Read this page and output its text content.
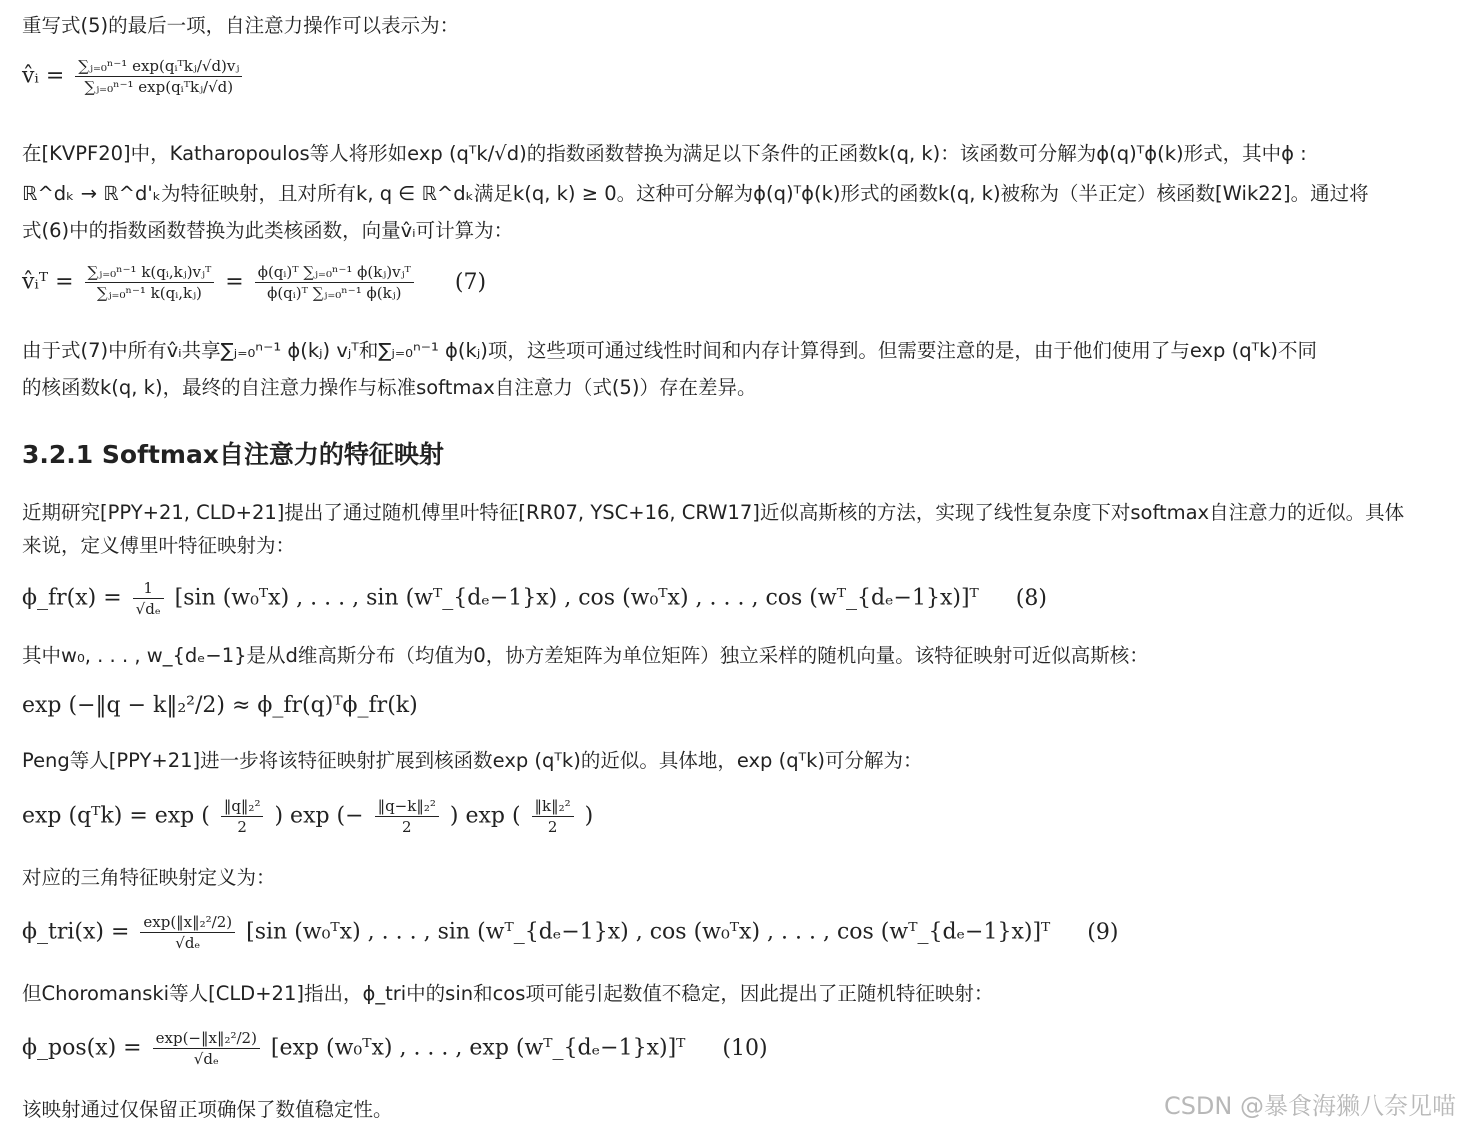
重写式(5)的最后一项，自注意力操作可以表示为：
v̂ᵢ = $\frac{\text{∑ⱼ₌₀ⁿ⁻¹ exp(qᵢᵀkⱼ/√d)vⱼ}}{\text{∑ⱼ₌₀ⁿ⁻¹ exp(qᵢᵀkⱼ/√d)}}$
在[KVPF20]中，Katharopoulos等人将形如exp (qᵀk/√d)的指数函数替换为满足以下条件的正函数k(q, k)：该函数可分解为ϕ(q)ᵀϕ(k)形式，其中ϕ :
ℝ^dₖ → ℝ^d'ₖ为特征映射，且对所有k, q ∈ ℝ^dₖ满足k(q, k) ≥ 0。这种可分解为ϕ(q)ᵀϕ(k)形式的函数k(q, k)被称为（半正定）核函数[Wik22]。通过将
式(6)中的指数函数替换为此类核函数，向量v̂ᵢ可计算为：
v̂ᵢᵀ = $\frac{\text{∑ⱼ₌₀ⁿ⁻¹ k(qᵢ,kⱼ)vⱼᵀ}}{\text{∑ⱼ₌₀ⁿ⁻¹ k(qᵢ,kⱼ)}} = \frac{\text{ϕ(qᵢ)ᵀ ∑ⱼ₌₀ⁿ⁻¹ ϕ(kⱼ)vⱼᵀ}}{\text{ϕ(qᵢ)ᵀ ∑ⱼ₌₀ⁿ⁻¹ ϕ(kⱼ)}} (7)$
由于式(7)中所有v̂ᵢ共享∑ⱼ₌₀ⁿ⁻¹ ϕ(kⱼ) vⱼᵀ和∑ⱼ₌₀ⁿ⁻¹ ϕ(kⱼ)项，这些项可通过线性时间和内存计算得到。但需要注意的是，由于他们使用了与exp (qᵀk)不同
的核函数k(q, k)，最终的自注意力操作与标准softmax自注意力（式(5)）存在差异。
3.2.1 Softmax自注意力的特征映射
近期研究[PPY+21, CLD+21]提出了通过随机傅里叶特征[RR07, YSC+16, CRW17]近似高斯核的方法，实现了线性复杂度下对softmax自注意力的近似。具体
来说，定义傅里叶特征映射为：
ϕ_fr(x) = $\frac{1}{\text{√dₑ}} [\sin$ (w₀ᵀx) , . . . , sin (wᵀ_{dₑ−1}x) , cos (w₀ᵀx) , . . . , cos (wᵀ_{dₑ−1}x)]ᵀ (8)
其中w₀, . . . , w_{dₑ−1}是从d维高斯分布（均值为0，协方差矩阵为单位矩阵）独立采样的随机向量。该特征映射可近似高斯核：
exp (−‖q − k‖₂²/2) ≈ ϕ_fr(q)ᵀϕ_fr(k)
Peng等人[PPY+21]进一步将该特征映射扩展到核函数exp (qᵀk)的近似。具体地，exp (qᵀk)可分解为：
exp (qᵀk) = exp ( $\frac{\text{‖q‖₂²}}{2}$ ) exp (− $\frac{\text{‖q−k‖₂²}}{2}$ ) exp ( $\frac{\text{‖k‖₂²}}{2}$ )
对应的三角特征映射定义为：
ϕ_tri(x) = $\frac{\text{exp(‖x‖₂²/2)}}{\text{√dₑ}} [\sin$ (w₀ᵀx) , . . . , sin (wᵀ_{dₑ−1}x) , cos (w₀ᵀx) , . . . , cos (wᵀ_{dₑ−1}x)]ᵀ (9)
但Choromanski等人[CLD+21]指出，ϕ_tri中的sin和cos项可能引起数值不稳定，因此提出了正随机特征映射：
ϕ_pos(x) = $\frac{\text{exp(−‖x‖₂²/2)}}{\text{√dₑ}} [\exp$ (w₀ᵀx) , . . . , exp (wᵀ_{dₑ−1}x)]ᵀ (10)
该映射通过仅保留正项确保了数值稳定性。	CSDN @暴食海獭八奈见喵
